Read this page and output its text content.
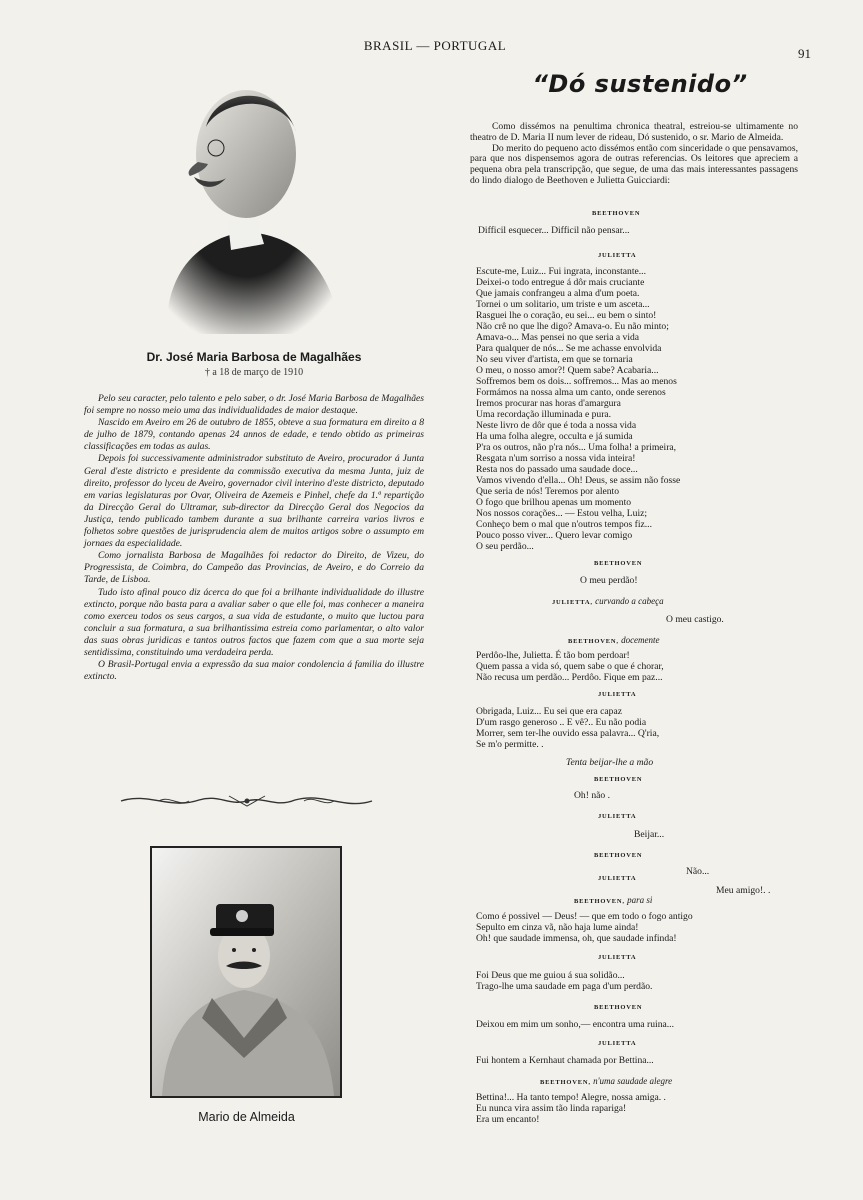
BRASIL — PORTUGAL
91
Dr. José Maria Barbosa de Magalhães
† a 18 de março de 1910

Pelo seu caracter, pelo talento e pelo saber, o dr. José Maria Barbosa de Magalhães foi sempre no nosso meio uma das individualidades de maior destaque.

Nascido em Aveiro em 26 de outubro de 1855, obteve a sua formatura em direito a 8 de julho de 1879, contando apenas 24 annos de edade, e tendo obtido as primeiras classificações em todas as aulas.

Depois foi successivamente administrador substituto de Aveiro, procurador á Junta Geral d'este districto e presidente da commissão executiva da mesma Junta, juiz de direito, professor do lyceu de Aveiro, governador civil interino d'este districto, deputado em varias legislaturas por Ovar, Oliveira de Azemeis e Pinhel, chefe da 1.ª repartição da Direcção Geral do Ultramar, sub-director da Direcção Geral dos Negocios da Justiça, tendo publicado tambem durante a sua brilhante carreira varios livros e folhetos sobre questões de jurisprudencia alem de muitos artigos sobre o assumpto em jornaes da especialidade.

Como jornalista Barbosa de Magalhães foi redactor do Direito, de Vizeu, do Progressista, de Coimbra, do Campeão das Provincias, de Aveiro, e do Correio da Tarde, de Lisboa.

Tudo isto afinal pouco diz ácerca do que foi a brilhante individualidade do illustre extincto, porque não basta para a avaliar saber o que elle foi, mas conhecer a maneira como exerceu todos os seus cargos, a sua vida de estudante, o muito que luctou para concluir a sua formatura, a sua brilhantissima estreia como parlamentar, o alto valor das suas obras juridicas e tantos outros factos que fazem com que a sua morte seja sentidissima, constituindo uma verdadeira perda.

O Brasil-Portugal envia a expressão da sua maior condolencia á familia do illustre extincto.

Mario de Almeida
“Dó sustenido”

Como dissémos na penultima chronica theatral, estreiou-se ultimamente no theatro de D. Maria II num lever de rideau, Dó sustenido, o sr. Mario de Almeida.

Do merito do pequeno acto dissémos então com sinceridade o que pensavamos, para que nos dispensemos agora de outras referencias. Os leitores que apreciem a pequena obra pela transcripção, que segue, de uma das mais interessantes passagens do lindo dialogo de Beethoven e Julietta Guicciardi:

BEETHOVEN
Difficil esquecer... Difficil não pensar...
JULIETTA
Escute-me, Luiz... Fui ingrata, inconstante...
Deixei-o todo entregue á dôr mais cruciante
Que jamais confrangeu a alma d'um poeta.
Tornei o um solitario, um triste e um asceta...
Rasguei lhe o coração, eu sei... eu bem o sinto!
Não crê no que lhe digo? Amava-o. Eu não minto;
Amava-o... Mas pensei no que seria a vida
Para qualquer de nós... Se me achasse envolvida
No seu viver d'artista, em que se tornaria
O meu, o nosso amor?! Quem sabe? Acabaria...
Soffremos bem os dois... soffremos... Mas ao menos
Formámos na nossa alma um canto, onde serenos
Iremos procurar nas horas d'amargura
Uma recordação illuminada e pura.
Neste livro de dôr que é toda a nossa vida
Ha uma folha alegre, occulta e já sumida
P'ra os outros, não p'ra nós... Uma folha! a primeira,
Resgata n'um sorriso a nossa vida inteira!
Resta nos do passado uma saudade doce...
Vamos vivendo d'ella... Oh! Deus, se assim não fosse
Que seria de nós! Teremos por alento
O fogo que brilhou apenas um momento
Nos nossos corações... — Estou velha, Luiz;
Conheço bem o mal que n'outros tempos fiz...
Pouco posso viver... Quero levar comigo
O seu perdão...
BEETHOVEN
O meu perdão!
JULIETTA, curvando a cabeça
O meu castigo.
BEETHOVEN, docemente
Perdôo-lhe, Julietta. É tão bom perdoar!
Quem passa a vida só, quem sabe o que é chorar,
Não recusa um perdão... Perdôo. Fique em paz...
JULIETTA
Obrigada, Luiz... Eu sei que era capaz
D'um rasgo generoso .. E vê?.. Eu não podia
Morrer, sem ter-lhe ouvido essa palavra... Q'ria,
Se m'o permitte. .
Tenta beijar-lhe a mão
BEETHOVEN
Oh! não .
JULIETTA
Beijar...
BEETHOVEN
Não...
JULIETTA
Meu amigo!. .
BEETHOVEN, para si
Como é possivel — Deus! — que em todo o fogo antigo
Sepulto em cinza vã, não haja lume ainda!
Oh! que saudade immensa, oh, que saudade infinda!
JULIETTA
Foi Deus que me guiou á sua solidão...
Trago-lhe uma saudade em paga d'um perdão.
BEETHOVEN
Deixou em mim um sonho,— encontra uma ruina...
JULIETTA
Fui hontem a Kernhaut chamada por Bettina...
BEETHOVEN, n'uma saudade alegre
Bettina!... Ha tanto tempo! Alegre, nossa amiga. .
Eu nunca vira assim tão linda rapariga!
Era um encanto!
